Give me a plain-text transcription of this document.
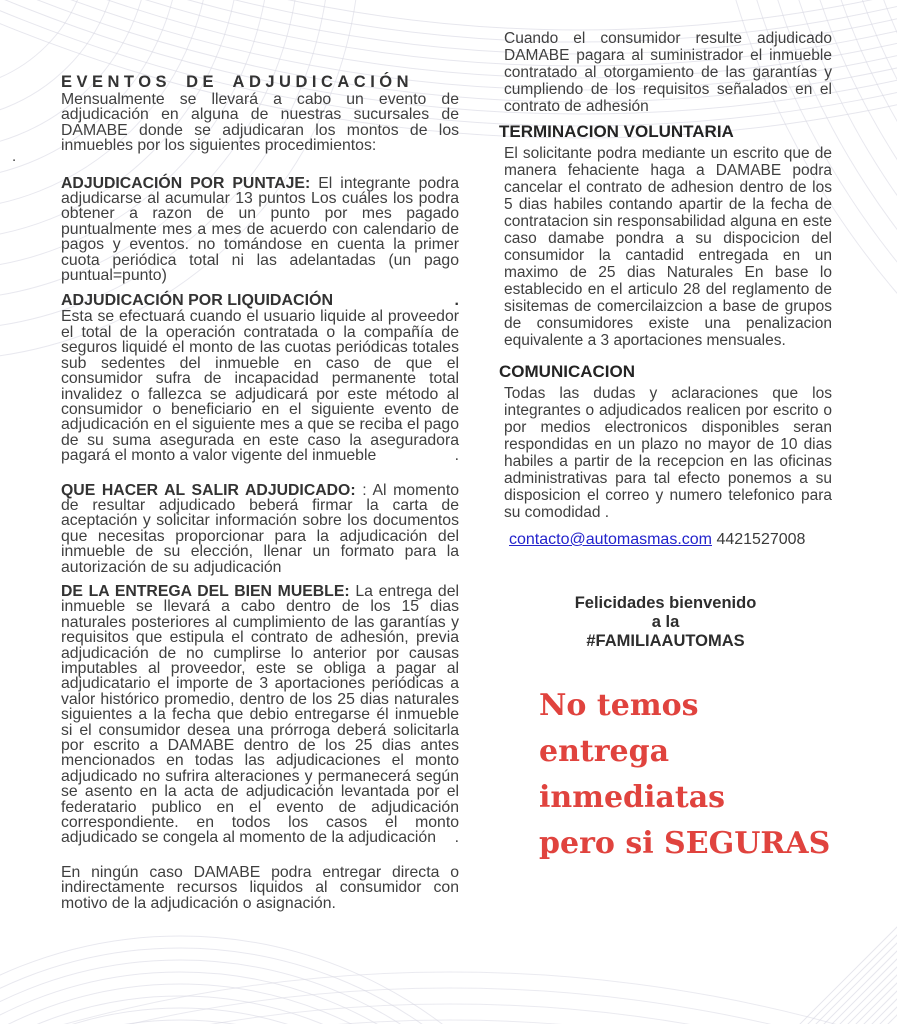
.
EVENTOS DE ADJUDICACIÓN

Mensualmente se llevará a cabo un evento de adjudicación en alguna de nuestras sucursales de DAMABE donde se adjudicaran los montos de los inmuebles por los siguientes procedimientos:

ADJUDICACIÓN POR PUNTAJE: El integrante podra adjudicarse al acumular 13 puntos Los cuáles los podra obtener a razon de un punto por mes pagado puntualmente mes a mes de acuerdo con calendario de pagos y eventos. no tomándose en cuenta la primer cuota periódica total ni las adelantadas (un pago puntual=punto)

ADJUDICACIÓN POR LIQUIDACIÓN	.

Esta se efectuará cuando el usuario liquide al proveedor el total de la operación contratada o la compañía de seguros liquidé el monto de las cuotas periódicas totales sub sedentes del inmueble en caso de que el consumidor sufra de incapacidad permanente total invalidez o fallezca se adjudicará por este método al consumidor o beneficiario en el siguiente evento de adjudicación en el siguiente mes a que se reciba el pago de su suma asegurada en este caso la aseguradora pagará el monto a valor vigente del inmueble	.

QUE HACER AL SALIR ADJUDICADO: : Al momento de resultar adjudicado beberá firmar la carta de aceptación y solicitar información sobre los documentos que necesitas proporcionar para la adjudicación del inmueble de su elección, llenar un formato para la autorización de su adjudicación

DE LA ENTREGA DEL BIEN MUEBLE: La entrega del inmueble se llevará a cabo dentro de los 15 dias naturales posteriores al cumplimiento de las garantías y requisitos que estipula el contrato de adhesión, previa adjudicación de no cumplirse lo anterior por causas imputables al proveedor, este se obliga a pagar al adjudicatario el importe de 3 aportaciones periódicas a valor histórico promedio, dentro de los 25 dias naturales siguientes a la fecha que debio entregarse él inmueble si el consumidor desea una prórroga deberá solicitarla por escrito a DAMABE dentro de los 25 dias antes mencionados en todas las adjudicaciones el monto adjudicado no sufrira alteraciones y permanecerá según se asento en la acta de adjudicación levantada por el federatario publico en el evento de adjudicación correspondiente. en todos los casos el monto adjudicado se congela al momento de la adjudicación .

En ningún caso DAMABE podra entregar directa o indirectamente recursos liquidos al consumidor con motivo de la adjudicación o asignación.

Cuando el consumidor resulte adjudicado DAMABE pagara al suministrador el inmueble contratado al otorgamiento de las garantías y cumpliendo de los requisitos señalados en el contrato de adhesión

TERMINACION VOLUNTARIA

El solicitante podra mediante un escrito que de manera fehaciente haga a DAMABE podra cancelar el contrato de adhesion dentro de los 5 dias habiles contando apartir de la fecha de contratacion sin responsabilidad alguna en este caso damabe pondra a su dispocicion del consumidor la cantadid entregada en un maximo de 25 dias Naturales En base lo establecido en el articulo 28 del reglamento de sisitemas de comercilaizcion a base de grupos de consumidores existe una penalizacion equivalente a 3 aportaciones mensuales.

COMUNICACION

Todas las dudas y aclaraciones que los integrantes o adjudicados realicen por escrito o por medios electronicos disponibles seran respondidas en un plazo no mayor de 10 dias habiles a partir de la recepcion en las oficinas administrativas para tal efecto ponemos a su disposicion el correo y numero telefonico para su comodidad .

contacto@automasmas.com 4421527008
Felicidades bienvenido
a la
#FAMILIAAUTOMAS
No temos entrega
inmediatas
pero si SEGURAS
